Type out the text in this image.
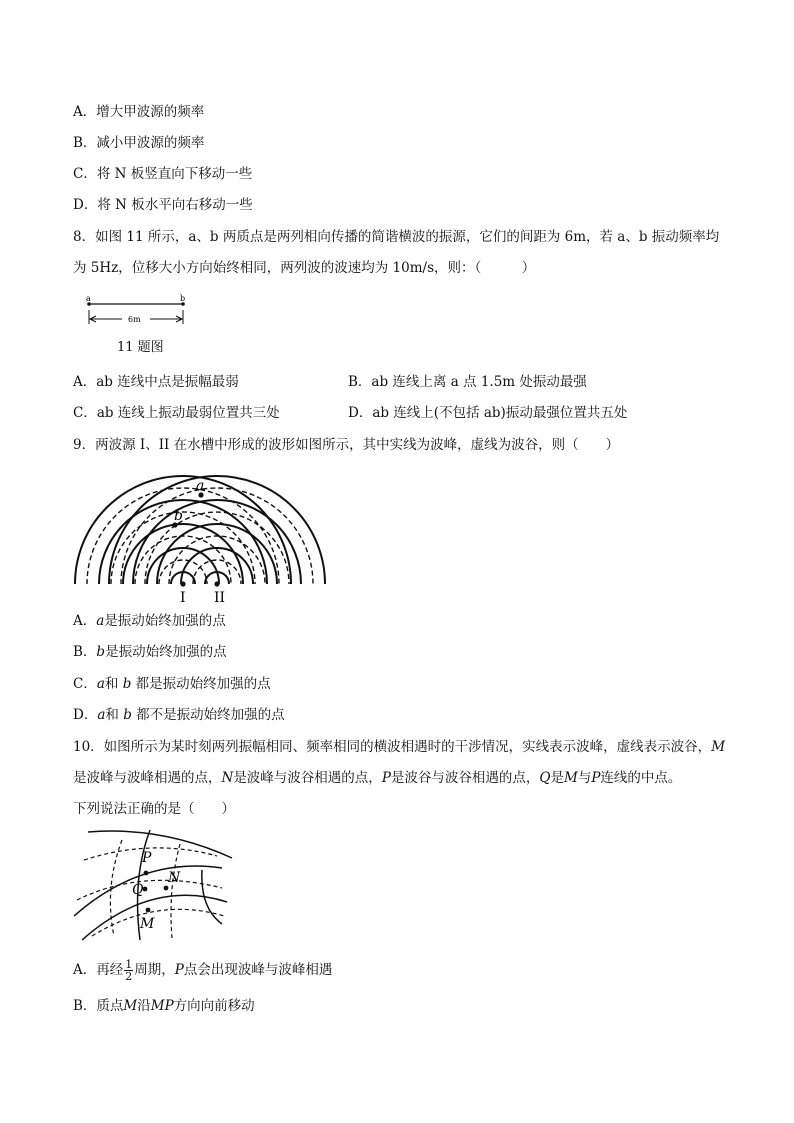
A．增大甲波源的频率
B．减小甲波源的频率
C．将 N 板竖直向下移动一些
D．将 N 板水平向右移动一些
8．如图 11 所示，a、b 两质点是两列相向传播的简谐横波的振源，它们的间距为 6m，若 a、b 振动频率均
为 5Hz，位移大小方向始终相同，两列波的波速均为 10m/s，则：（　　　）
a	b
6m
11 题图
A．ab 连线中点是振幅最弱	B．ab 连线上离 a 点 1.5m 处振动最强
C．ab 连线上振动最弱位置共三处	D．ab 连线上(不包括 ab)振动最强位置共五处
9．两波源 I、II 在水槽中形成的波形如图所示，其中实线为波峰，虚线为波谷，则（　　）
a
b
I II
A．a是振动始终加强的点
B．b是振动始终加强的点
C．a和 b 都是振动始终加强的点
D．a和 b 都不是振动始终加强的点
10．如图所示为某时刻两列振幅相同、频率相同的横波相遇时的干涉情况，实线表示波峰，虚线表示波谷，M
是波峰与波峰相遇的点，N是波峰与波谷相遇的点，P是波谷与波谷相遇的点，Q是M与P连线的中点。
下列说法正确的是（　　）
P
Q
N
M
A．再经 $\frac{1}{2}$ 周期，P点会出现波峰与波峰相遇
B．质点M沿MP方向向前移动
